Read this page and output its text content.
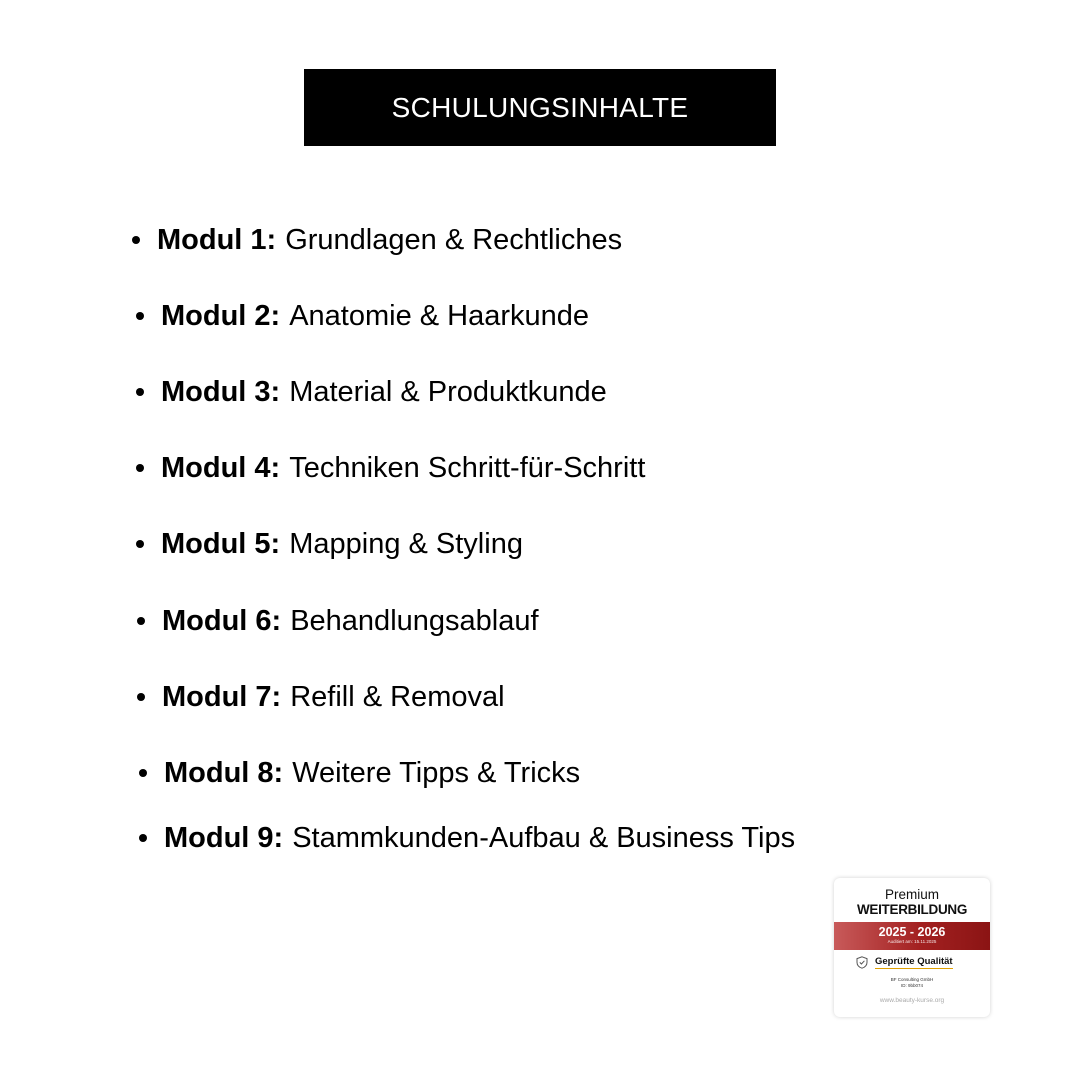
SCHULUNGSINHALTE
Modul 1: Grundlagen & Rechtliches
Modul 2: Anatomie & Haarkunde
Modul 3: Material & Produktkunde
Modul 4: Techniken Schritt-für-Schritt
Modul 5: Mapping & Styling
Modul 6: Behandlungsablauf
Modul 7: Refill & Removal
Modul 8: Weitere Tipps & Tricks
Modul 9: Stammkunden-Aufbau & Business Tips
Premium
WEITERBILDUNG
2025 - 2026
Auditiert am: 15.11.2025
Geprüfte Qualität
BF Consulting GmbH
ID: 9bb074
www.beauty-kurse.org
